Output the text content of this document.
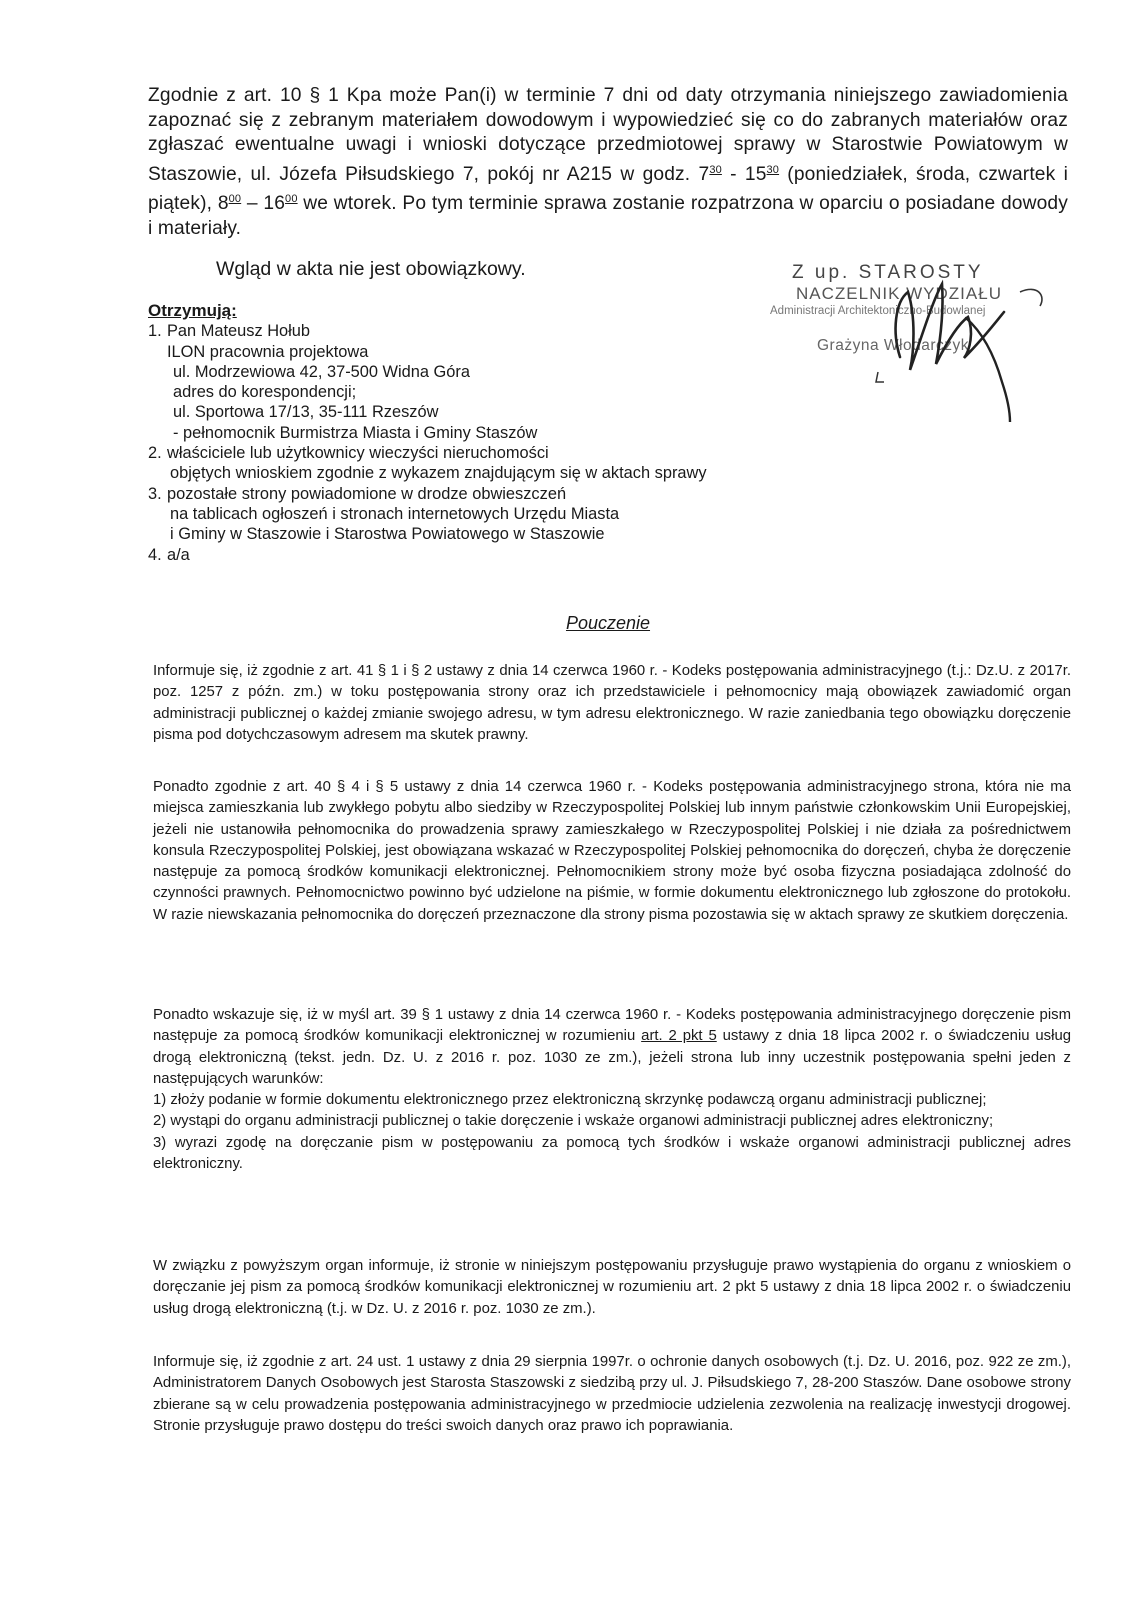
Zgodnie z art. 10 § 1 Kpa może Pan(i) w terminie 7 dni od daty otrzymania niniejszego zawiadomienia zapoznać się z zebranym materiałem dowodowym i wypowiedzieć się co do zabranych materiałów oraz zgłaszać ewentualne uwagi i wnioski dotyczące przedmiotowej sprawy w Starostwie Powiatowym w Staszowie, ul. Józefa Piłsudskiego 7, pokój nr A215 w godz. $7^{30} - 15^{30}$ (poniedziałek, środa, czwartek i piątek), $8^{00} - 16^{00}$ we wtorek. Po tym terminie sprawa zostanie rozpatrzona w oparciu o posiadane dowody i materiały.

Wgląd w akta nie jest obowiązkowy.	Z up. STAROSTY
NACZELNIK WYDZIAŁU
Administracji Architektoniczno-Budowlanej
Grażyna Włodarczyk
Otrzymują:
1. Pan Mateusz Hołub
ILON pracownia projektowa
ul. Modrzewiowa 42, 37-500 Widna Góra
adres do korespondencji;
ul. Sportowa 17/13, 35-111 Rzeszów
- pełnomocnik Burmistrza Miasta i Gminy Staszów
2. właściciele lub użytkownicy wieczyści nieruchomości
objętych wnioskiem zgodnie z wykazem znajdującym się w aktach sprawy
3. pozostałe strony powiadomione w drodze obwieszczeń
na tablicach ogłoszeń i stronach internetowych Urzędu Miasta
i Gminy w Staszowie i Starostwa Powiatowego w Staszowie
4. a/a

Pouczenie

Informuje się, iż zgodnie z art. 41 § 1 i § 2 ustawy z dnia 14 czerwca 1960 r. - Kodeks postępowania administracyjnego (t.j.: Dz.U. z 2017r. poz. 1257 z późn. zm.) w toku postępowania strony oraz ich przedstawiciele i pełnomocnicy mają obowiązek zawiadomić organ administracji publicznej o każdej zmianie swojego adresu, w tym adresu elektronicznego. W razie zaniedbania tego obowiązku doręczenie pisma pod dotychczasowym adresem ma skutek prawny.

Ponadto zgodnie z art. 40 § 4 i § 5 ustawy z dnia 14 czerwca 1960 r. - Kodeks postępowania administracyjnego strona, która nie ma miejsca zamieszkania lub zwykłego pobytu albo siedziby w Rzeczypospolitej Polskiej lub innym państwie członkowskim Unii Europejskiej, jeżeli nie ustanowiła pełnomocnika do prowadzenia sprawy zamieszkałego w Rzeczypospolitej Polskiej i nie działa za pośrednictwem konsula Rzeczypospolitej Polskiej, jest obowiązana wskazać w Rzeczypospolitej Polskiej pełnomocnika do doręczeń, chyba że doręczenie następuje za pomocą środków komunikacji elektronicznej. Pełnomocnikiem strony może być osoba fizyczna posiadająca zdolność do czynności prawnych. Pełnomocnictwo powinno być udzielone na piśmie, w formie dokumentu elektronicznego lub zgłoszone do protokołu. W razie niewskazania pełnomocnika do doręczeń przeznaczone dla strony pisma pozostawia się w aktach sprawy ze skutkiem doręczenia.

Ponadto wskazuje się, iż w myśl art. 39 § 1 ustawy z dnia 14 czerwca 1960 r. - Kodeks postępowania administracyjnego doręczenie pism następuje za pomocą środków komunikacji elektronicznej w rozumieniu art. 2 pkt 5 ustawy z dnia 18 lipca 2002 r. o świadczeniu usług drogą elektroniczną (tekst. jedn. Dz. U. z 2016 r. poz. 1030 ze zm.), jeżeli strona lub inny uczestnik postępowania spełni jeden z następujących warunków:

1) złoży podanie w formie dokumentu elektronicznego przez elektroniczną skrzynkę podawczą organu administracji publicznej;

2) wystąpi do organu administracji publicznej o takie doręczenie i wskaże organowi administracji publicznej adres elektroniczny;

3) wyrazi zgodę na doręczanie pism w postępowaniu za pomocą tych środków i wskaże organowi administracji publicznej adres elektroniczny.

W związku z powyższym organ informuje, iż stronie w niniejszym postępowaniu przysługuje prawo wystąpienia do organu z wnioskiem o doręczanie jej pism za pomocą środków komunikacji elektronicznej w rozumieniu art. 2 pkt 5 ustawy z dnia 18 lipca 2002 r. o świadczeniu usług drogą elektroniczną (t.j. w Dz. U. z 2016 r. poz. 1030 ze zm.).

Informuje się, iż zgodnie z art. 24 ust. 1 ustawy z dnia 29 sierpnia 1997r. o ochronie danych osobowych (t.j. Dz. U. 2016, poz. 922 ze zm.), Administratorem Danych Osobowych jest Starosta Staszowski z siedzibą przy ul. J. Piłsudskiego 7, 28-200 Staszów. Dane osobowe strony zbierane są w celu prowadzenia postępowania administracyjnego w przedmiocie udzielenia zezwolenia na realizację inwestycji drogowej. Stronie przysługuje prawo dostępu do treści swoich danych oraz prawo ich poprawiania.
